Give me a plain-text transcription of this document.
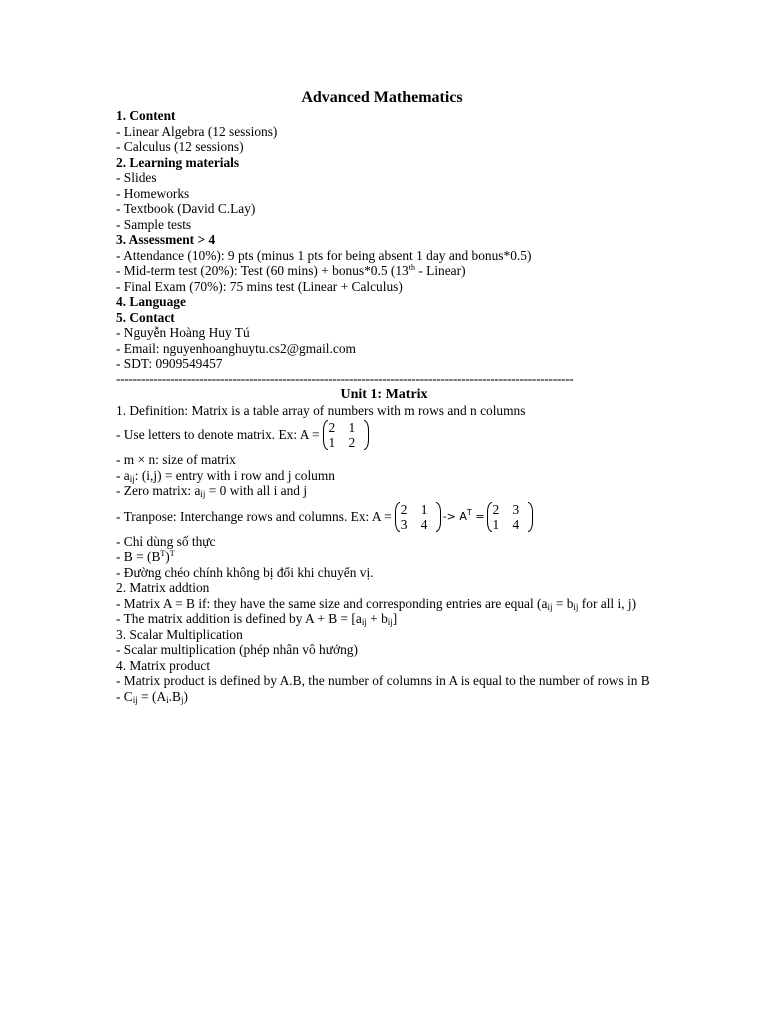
Advanced Mathematics
1. Content
- Linear Algebra (12 sessions)
- Calculus (12 sessions)
2. Learning materials
- Slides
- Homeworks
- Textbook (David C.Lay)
- Sample tests
3. Assessment > 4
- Attendance (10%): 9 pts (minus 1 pts for being absent 1 day and bonus*0.5)
- Mid-term test (20%): Test (60 mins) + bonus*0.5 (13th - Linear)
- Final Exam (70%): 75 mins test (Linear + Calculus)
4. Language
5. Contact
- Nguyễn Hoàng Huy Tú
- Email: nguyenhoanghuytu.cs2@gmail.com
- SDT: 0909549457
--------------------------------------------------------------------------------------------------------------
Unit 1: Matrix
1. Definition: Matrix is a table array of numbers with m rows and n columns
- Use letters to denote matrix. Ex: A = 2 1
1 2
- m × n: size of matrix
- $a_{ij}$: (i,j) = entry with i row and j column
- Zero matrix: $a_{ij} = 0$ with all i and j
- Tranpose: Interchange rows and columns. Ex: A = 2 1
3 4
-> $A^T = 2$ 3
1 4
- Chỉ dùng số thực
- $B = (B^T)^T$
- Đường chéo chính không bị đổi khi chuyển vị.
2. Matrix addtion
- Matrix A = B if: they have the same size and corresponding entries are equal ($a_{ij} = b_{ij}$ for all i, j)
- The matrix addition is defined by $A + B = [a_{ij} + b_{ij}]$
3. Scalar Multiplication
- Scalar multiplication (phép nhân vô hướng)
4. Matrix product
- Matrix product is defined by A.B, the number of columns in A is equal to the number of rows in B
- $C_{ij} = (A_i.B_j)$
